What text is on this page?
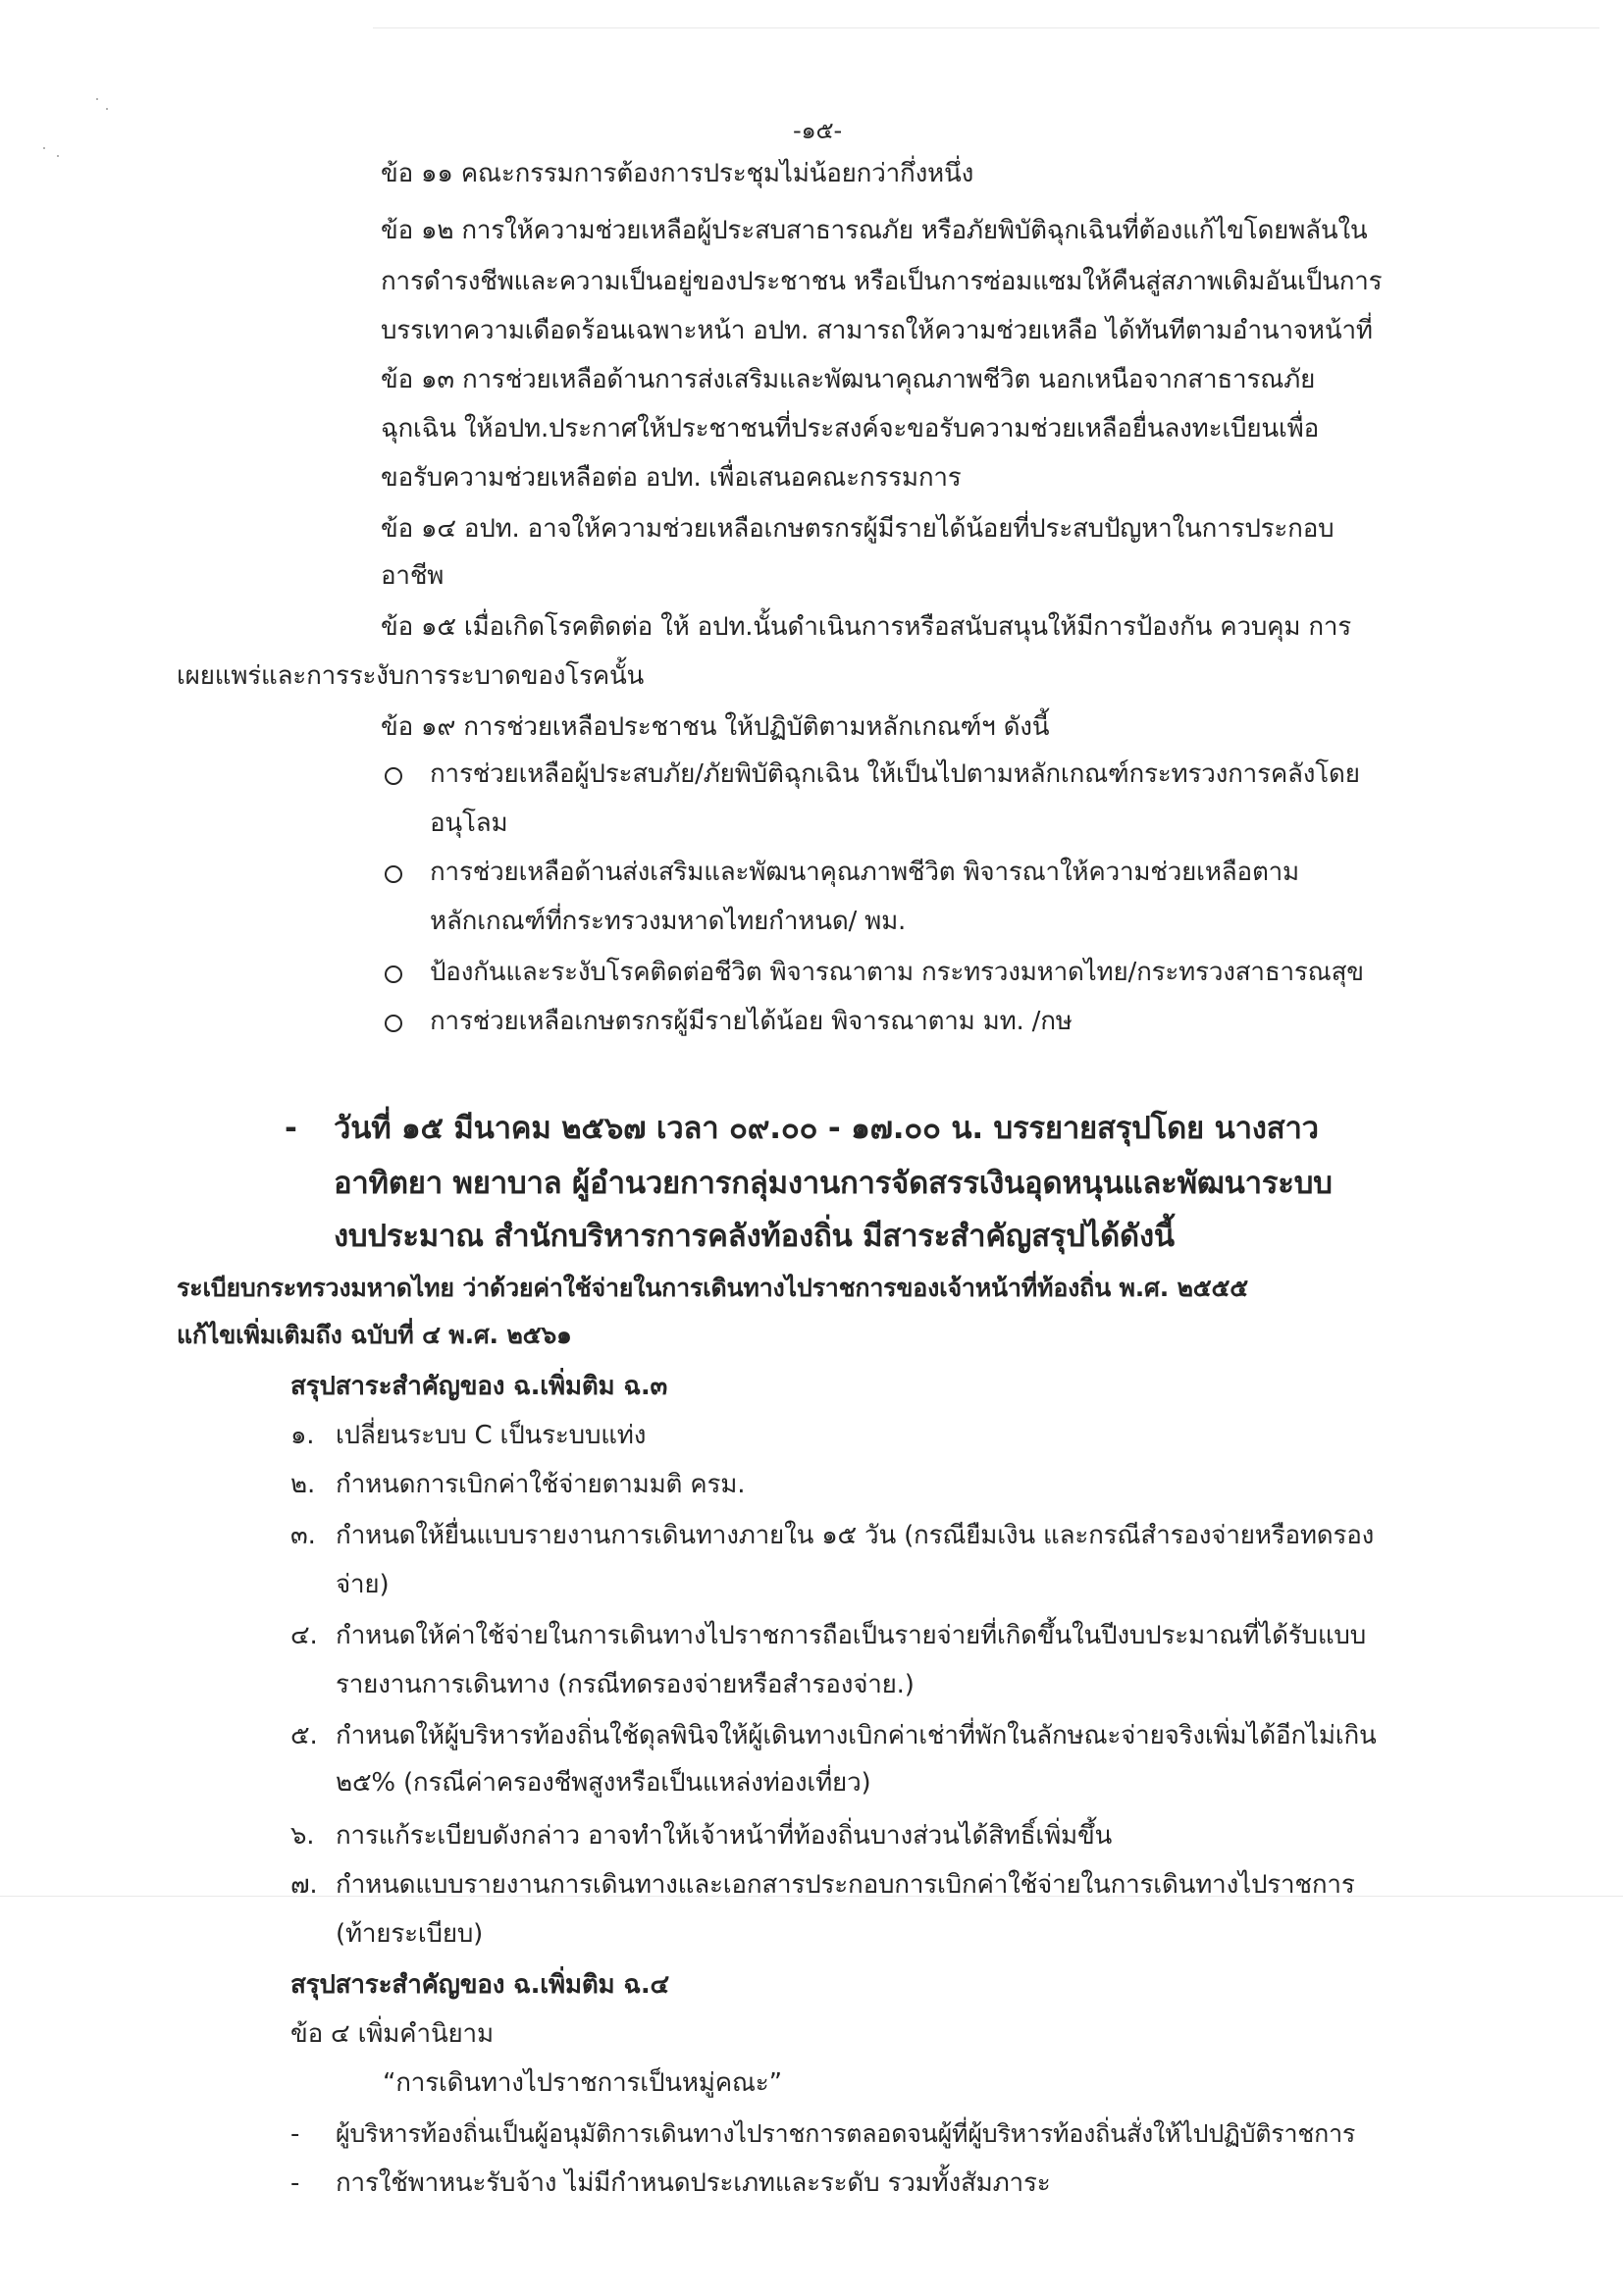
-๑๕-
ข้อ ๑๑ คณะกรรมการต้องการประชุมไม่น้อยกว่ากึ่งหนึ่ง
ข้อ ๑๒ การให้ความช่วยเหลือผู้ประสบสาธารณภัย หรือภัยพิบัติฉุกเฉินที่ต้องแก้ไขโดยพลันใน
การดำรงชีพและความเป็นอยู่ของประชาชน หรือเป็นการซ่อมแซมให้คืนสู่สภาพเดิมอันเป็นการ
บรรเทาความเดือดร้อนเฉพาะหน้า อปท. สามารถให้ความช่วยเหลือ ได้ทันทีตามอำนาจหน้าที่
ข้อ ๑๓ การช่วยเหลือด้านการส่งเสริมและพัฒนาคุณภาพชีวิต นอกเหนือจากสาธารณภัย
ฉุกเฉิน ให้อปท.ประกาศให้ประชาชนที่ประสงค์จะขอรับความช่วยเหลือยื่นลงทะเบียนเพื่อ
ขอรับความช่วยเหลือต่อ อปท. เพื่อเสนอคณะกรรมการ
ข้อ ๑๔ อปท. อาจให้ความช่วยเหลือเกษตรกรผู้มีรายได้น้อยที่ประสบปัญหาในการประกอบ
อาชีพ
ข้อ ๑๕ เมื่อเกิดโรคติดต่อ ให้ อปท.นั้นดำเนินการหรือสนับสนุนให้มีการป้องกัน ควบคุม การ
เผยแพร่และการระงับการระบาดของโรคนั้น
ข้อ ๑๙ การช่วยเหลือประชาชน ให้ปฏิบัติตามหลักเกณฑ์ฯ ดังนี้
การช่วยเหลือผู้ประสบภัย/ภัยพิบัติฉุกเฉิน ให้เป็นไปตามหลักเกณฑ์กระทรวงการคลังโดย
อนุโลม
การช่วยเหลือด้านส่งเสริมและพัฒนาคุณภาพชีวิต พิจารณาให้ความช่วยเหลือตาม
หลักเกณฑ์ที่กระทรวงมหาดไทยกำหนด/ พม.
ป้องกันและระงับโรคติดต่อชีวิต พิจารณาตาม กระทรวงมหาดไทย/กระทรวงสาธารณสุข
การช่วยเหลือเกษตรกรผู้มีรายได้น้อย พิจารณาตาม มท. /กษ
- วันที่ ๑๕ มีนาคม ๒๕๖๗ เวลา ๐๙.๐๐ - ๑๗.๐๐ น. บรรยายสรุปโดย นางสาว
อาทิตยา พยาบาล ผู้อำนวยการกลุ่มงานการจัดสรรเงินอุดหนุนและพัฒนาระบบ
งบประมาณ สำนักบริหารการคลังท้องถิ่น มีสาระสำคัญสรุปได้ดังนี้
ระเบียบกระทรวงมหาดไทย ว่าด้วยค่าใช้จ่ายในการเดินทางไปราชการของเจ้าหน้าที่ท้องถิ่น พ.ศ. ๒๕๕๕
แก้ไขเพิ่มเติมถึง ฉบับที่ ๔ พ.ศ. ๒๕๖๑
สรุปสาระสำคัญของ ฉ.เพิ่มติม ฉ.๓
๑. เปลี่ยนระบบ C เป็นระบบแท่ง
๒. กำหนดการเบิกค่าใช้จ่ายตามมติ ครม.
๓. กำหนดให้ยื่นแบบรายงานการเดินทางภายใน ๑๕ วัน (กรณียืมเงิน และกรณีสำรองจ่ายหรือทดรอง
จ่าย)
๔. กำหนดให้ค่าใช้จ่ายในการเดินทางไปราชการถือเป็นรายจ่ายที่เกิดขึ้นในปีงบประมาณที่ได้รับแบบ
รายงานการเดินทาง (กรณีทดรองจ่ายหรือสำรองจ่าย.)
๕. กำหนดให้ผู้บริหารท้องถิ่นใช้ดุลพินิจให้ผู้เดินทางเบิกค่าเช่าที่พักในลักษณะจ่ายจริงเพิ่มได้อีกไม่เกิน
๒๕% (กรณีค่าครองชีพสูงหรือเป็นแหล่งท่องเที่ยว)
๖. การแก้ระเบียบดังกล่าว อาจทำให้เจ้าหน้าที่ท้องถิ่นบางส่วนได้สิทธิ์เพิ่มขึ้น
๗. กำหนดแบบรายงานการเดินทางและเอกสารประกอบการเบิกค่าใช้จ่ายในการเดินทางไปราชการ
(ท้ายระเบียบ)
สรุปสาระสำคัญของ ฉ.เพิ่มติม ฉ.๔
ข้อ ๔ เพิ่มคำนิยาม
“การเดินทางไปราชการเป็นหมู่คณะ”
- ผู้บริหารท้องถิ่นเป็นผู้อนุมัติการเดินทางไปราชการตลอดจนผู้ที่ผู้บริหารท้องถิ่นสั่งให้ไปปฏิบัติราชการ
- การใช้พาหนะรับจ้าง ไม่มีกำหนดประเภทและระดับ รวมทั้งสัมภาระ
